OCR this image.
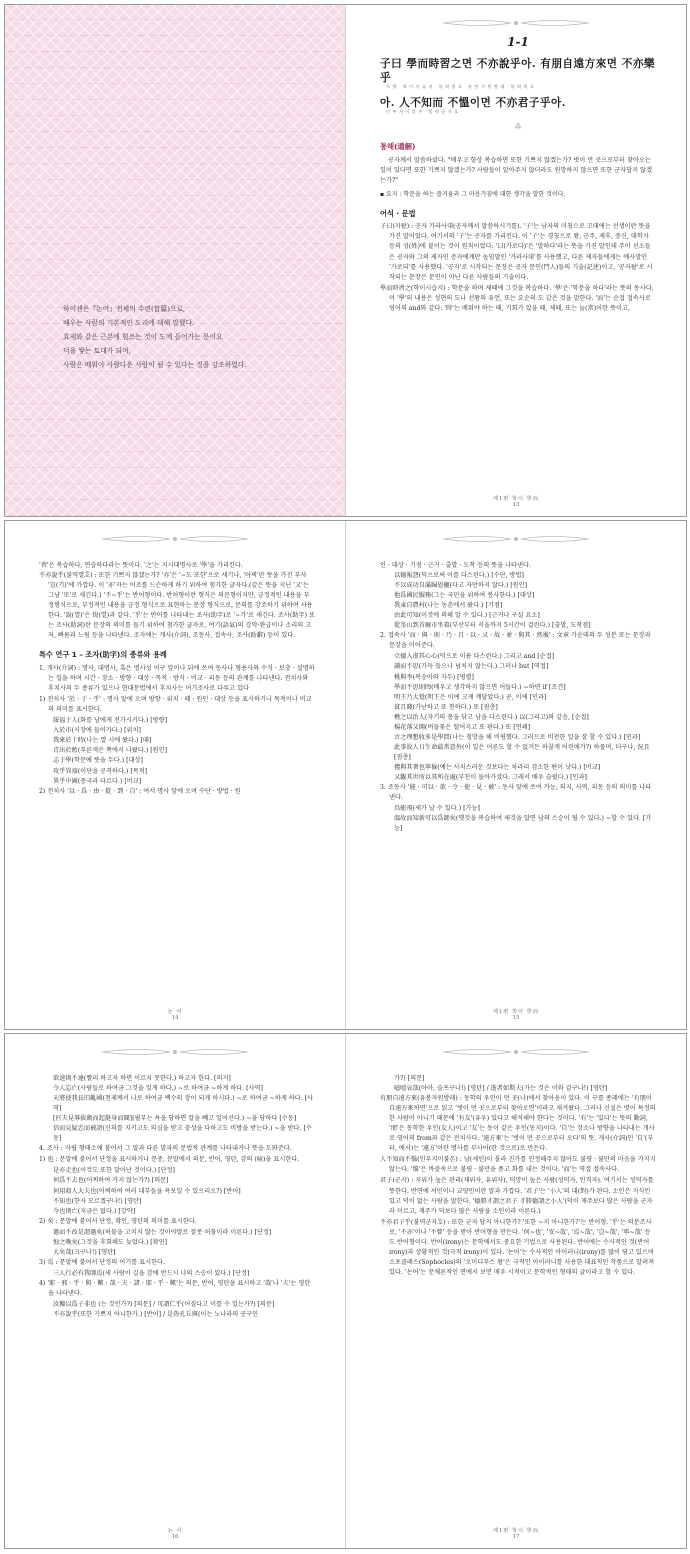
하이젠은『논어』전체의 수련(首篇)으로,

배우는 사람의 기본적인 도리에 대해 말했다.

효제와 같은 근본에 힘쓰는 것이 도에 들어가는 문이요

덕을 쌓는 토대가 되며,

사람은 배워야 사람다운 사람이 될 수 있다는 것을 강조하였다.

1-1
子曰 學而時習之면 不亦說乎아. 有朋自遠方來면 不亦樂乎
자왈 학이시습지 불역열호 유붕자원방래 불역락호
아. 人不知而 不慍이면 不亦君子乎아.
인부지이불온 불역군자호
⁂
통해(通解)

공자께서 말씀하셨다. "배우고 항상 복습하면 또한 기쁘지 않겠는가? 벗이 먼 곳으로부터 찾아오는 일이 있다면 또한 기쁘지 않겠는가? 사람들이 알아주지 않더라도 원망하지 않으면 또한 군자답지 않겠는가?"

▪ 요지 : 학문을 하는 즐거움과 그 마음가짐에 대한 생각을 말한 것이다.

어석 · 문법

子曰(자왈) : 공자 가라사대(공자께서 말씀하시기를). '子'는 남자의 미칭으로 고대에는 선생이란 뜻을 가진 말이었다. 여기서의 '子'는 공자를 가리킨다. 이 '子'는 경칭으로 왕, 군주, 제후, 중신, 대학자 등의 성(姓)에 붙이는 것이 원칙이었다. '曰(가로다)'은 '말하다'라는 뜻을 가진 말인데 주이 선소들은 공자와 그의 제자인 증자에게만 높임말인 '가라사대'를 사용했고, 다른 제자들에게는 예사말인 '가로되'를 사용했다. '공자'로 시작되는 문장은 공자 문인(門人)들의 기술(記述)이고, '공자왈'로 시작되는 문장은 문인이 아닌 다른 사람들의 기술이다.

學而時習之(학이시습지) : 학문을 하며 제때에 그것을 복습하다. '學'은 '학문을 하다'라는 뜻의 동사다. 이 '學'의 내용은 성현의 도나 선왕의 유언, 또는 요순의 도 같은 것을 말한다. '而'는 순접 접속사로 영어의 and와 같다. '時'는 배워야 하는 때, 기회가 있을 때, 제때, 또는 늘(常)이란 뜻이고,

제1편 학이 學而
13

'習'은 복습하다, 연습하다라는 뜻이다. '之'는 지시대명사로 '學'을 가리킨다.

不亦說乎(불역열호) : 또한 기쁘지 않겠는가? '亦'은 '~도 또한'으로 새기나, '어찌'란 뜻을 가진 부사 '豈(기)'에 가깝다. 이 '亦'자는 어조를 느슨하게 하기 위하여 첨가한 글자다.(같은 뜻을 지닌 '又'는 그냥 '또'로 새긴다.) '不~乎'는 반어형이다. 반어형이란 형식은 의문형이지만, 긍정적인 내용을 부정형식으로, 부정적인 내용을 긍정 형식으로 표현하는 문장 형식으로, 문의를 강조하기 위하여 사용한다. '說(열)'은 悅(열)과 같다. '乎'는 반어를 나타내는 조사(助字)로 '~가'로 새긴다. 조사(助字) 또는 조사(助詞)란 문장의 의미를 돕기 위하여 첨가한 글자로, 여기(語氣)의 강약·완급이나 소리의 고저, 빠름과 느림 등을 나타낸다. 조자에는 개사(介詞), 조동사, 접속사, 조사(助辭) 등이 있다.

특수 연구 1 – 조자(助字)의 종류와 용례

1. 개사(介詞) : 명사, 대명사, 혹은 명사성 어구 앞이나 뒤에 쓰여 동사나 형용사와 수식 · 보충 · 설명하는 일을 하며 시간 · 장소 · 방향 · 대상 · 목적 · 방식 · 비교 · 피동 등의 관계를 나타낸다. 전치사와 후치사의 두 종류가 있으나 현대문법에서 후치사는 어기조사로 다루고 있다

1) 전치사 '於 · 于 · 乎' : 명사 앞에 오며 방향 · 위치 · 때 · 원인 · 대상 등을 표시하거나 목적이나 비교의 의미를 표시한다.

綏福于人(화를 남에게 전가시키다.) [방향]

入於市(시장에 들어가다.) [위치]

我來於十時(나는 열 시에 왔다.) [때]

青出於藍(푸른색은 쪽에서 나왔다.) [원인]

志于學(학문에 뜻을 두다.) [대상]

攻乎異端(이단을 공격하다.) [목적]

異乎中國(중국과 다르다.) [비교]

2) 전치사 '以 · 爲 · 由 · 從 · 到 · 自' : 여서 명사 앞에 오며 수단 · 방법 · 원

논 어
14

인 · 대상 · 기점 · 근거 · 출발 · 도착 등의 뜻을 나타낸다.

以德報怨(덕으로써 이를 다스린다.) [수단, 방법]

不以成功自滿歸恩寵(다고 자만하지 않다.) [원인]

他爲國民服務(그는 국민을 위하여 봉사한다.) [대상]

我東自農村(나는 농촌에서 왔다.) [기점]

由此可知(이것에 의해 알 수 있다.) [근거나 구실 요소]

從釜山到首爾市坐着(부산부터 서울까지 5시간이 걸린다.) [출발, 도착점]

2. 접속사 '而 · 與 · 則 · 乃 · 且 · 以 · 又 · 故 · 並 · 與其 · 然後' : 文章 가운데의 두 성분 또는 문장과 문장을 이어준다.

立德入虚其心心(덕으로 이름 다스린다.) 그리고 and [순접]

讀而不思(가득 들으나 넘치지 않는다.) 그러나 but [역접]

桃與李(복숭아와 자두) [병렬]

學而不思則罔(배우고 생각하지 않으면 어둡다.) ~하면 if [조건]

明王乃大覺(明王은 이에 크게 깨달았다.) 곧, 이에 [인과]

貧且賤(가난하고 또 천하다.) 또 [점층]

樵之以治人(자기의 몸을 닦고 남을 다스린다.) 以(그리고)와 같음, [순접]

楊花落又開(버들꽃은 떨어지고 또 핀다.) 또 [연쇄]

古之理想收多是學問(나는 철망을 해 비평했다. 그러므로 비천한 일을 잘 할 수 있다.) [인과]

此事故人日生命最常意外(이 일은 어른도 할 수 없거든 하찮게 어린애가?) 하물며, 더구나, 況且 [점층]

禮與其奢也寧儉(예는 사치스러운 것보다는 차라리 검소한 편이 낫다.) [비교]

又觀其世所以其所在處(부친이 돌아가셨다. 그래서 배우 슬펐다.) [인과]

3. 조동사 '能 · 可以 · 欲 · 令 · 使 · 見 · 被' : 동사 앞에 쓰여 가능, 의지, 사역, 피동 등의 의미를 나타낸다.

鳥能飛(새가 날 수 있다.) [가능]

溫故而知新可以爲師矣(옛것을 복습하여 새것을 알면 남의 스승이 될 수 있다.) ~할 수 있다. [가능]

제1편 학이 學而
15

欲速則不達(빨리 하고자 하면 이르지 못한다.) 하고자 한다. [의지]

令人忘亡(사람들로 하여금 그것을 잊게 하다.) ~로 하여금 ~하게 하다. [사역]

天將使我長旧亂國(천제께서 나로 하여금 백수의 장이 되게 하시다.) ~로 하여금 ~하게 하다. [사역]

[匹夫見辱拔劍而起挺身而鬪](필부는 욕을 당하면 칼을 빼고 일어선다.) ~을 당하다 [수동]

信而見疑忠而被謗(신의를 지키고도 의심을 받고 충성을 다하고도 비방을 받는다.) ~을 받다. [수동]

4. 조사 : 자립 형태소에 붙어서 그 말과 다른 말과의 문법적 관계를 나타내거나 뜻을 도와준다.

1) 也 : 문말에 붙어서 단정을 표시하거나 문중, 문말에서 의문, 반어, 영탄, 감의 (咏)을 표시한다.

是亦走也(이것도 또한 달아난 것이다.) [단정]

何爲不去也(어찌하여 가지 않는가?) [의문]

何用殺人大夫也(어찌하여 여러 대부들을 욕보일 수 있으리오?) [반어]

不知也(한자 모르겠구나!) [영탄]

今也則亡(지금은 없다.) [강약]

2) 矣 : 문말에 붙어서 단정, 확인, 영탄의 의미를 표시한다.

過而不改是謂過矣(허물을 고치지 않는 것이야말로 잘못 허물이라 이른다.) [단정]

悔之晚矣(그것을 후회해도 늦었다.) [확인]

大矣哉(크구나!) [영탄]

3) 焉 : 문말에 붙어서 단정의 어기를 표시한다.

三人行必有我師焉(세 사람이 길을 감에 반드시 나의 스승이 있다.) [단정]

4) '耶 · 邪 · 乎 · 與 · 歟 · 哉 · 夫 · 諸 · 耶 · 乎 · 歟'는 의문, 반어, 영탄을 표시하고 '哉'나 '夫'는 영탄을 나타낸다.

汝獨以爲子非也 (는 것인가?) [의문] / 可謂仁乎(어질다고 이를 수 있는가?) [의문]

不亦說乎(또한 기쁘지 아니한가.) [반어] / 是魯孔丘與(이는 노나라의 공구인

논 어
16

가?) [의문]

噫嘻哀哉(아아, 슬프구나!) [영탄] / 逝者如斯夫(가는 것은 이와 같구나!) [영탄]

有朋自遠方來(유붕자원방래) : 동학의 우인이 먼 곳(나)에서 찾아옴이 있다. 이 구를 종래에는 '有朋이 自遠方來하면'으로 읽고 '벗이 먼 곳으로부터 찾아오면'이라고 새겨왔다. 그러나 신설은 벗이 특정의 한 사람이 아니기 때문에 '有友'(유우) 있다고 해석해야 한다는 것이다. '有'는 '있다'는 뜻의 動詞, '朋'은 동학한 우인(友人)이고 '友'는 동이 같은 우인(동지)이다. '自'는 장소나 방향을 나타내는 개사로 영어의 from과 같은 전치사다. '遠方來'는 '벗이 먼 곳으로부터 오다'의 뜻. 개사(介詞)인 '自'(부터, 에서)는 '遠方'이란 명사를 부사어(란 것으로)로 만든다.

人不知而不慍(인부지이불온) : 남(세인)이 몰라 진가를 인정해주지 않아도 불평 · 불만의 마음을 가지지 않는다. '慍'은 바즐속으로 불평 · 불만을 품고 화를 내는 것이다. '而'는 역접 접속사다.

君子(군자) : 지위가 높은 관리(재위자, 유위자), 덕망이 높은 사람(성덕자, 인격자). 여기서는 성덕자를 뜻한다. 반면에 서민이나 교양인이란 말과 가깝다. '君子'는 '小人'의 대(對)가 된다. 소인은 지식인 있고 덕이 없는 사람을 말한다. '德勝才謂之君子 才勝德謂之小人'(덕이 재주보다 많은 사람을 군자라 이르고, 재주가 덕보다 많은 사람을 소인이라 이른다.)

不亦君子乎(불역군자호) : 또한 군자 답지 아니한가? '또한 ~지 아니한가?'는 반어형. '乎'는 의문조사로, '不亦'이나 '不曾' 등을 받아 반어형을 만든다. '何~也', '安~哉', '焉~哉', '豈~哉', '寧~哉' 등도 반어형이다. 반어(irony)는 문학에서도 중요한 기법으로 사용된다. 반어에는 수사적인 것(반어 irony)과 상황적인 것(극적 irony)이 있다. '논어'는 수사적인 아이러니(irony)를 많이 담고 있으며 소포클레스(Sophocles)의 '오이디푸스 왕'은 극적인 아이러니를 사용한 대표적인 작품으로 알려져 있다. '논어'는 문체론적인 면에서 보면 매우 시적이고 문학적인 형태의 글이라고 할 수 있다.

제1편 학이 學而
17
